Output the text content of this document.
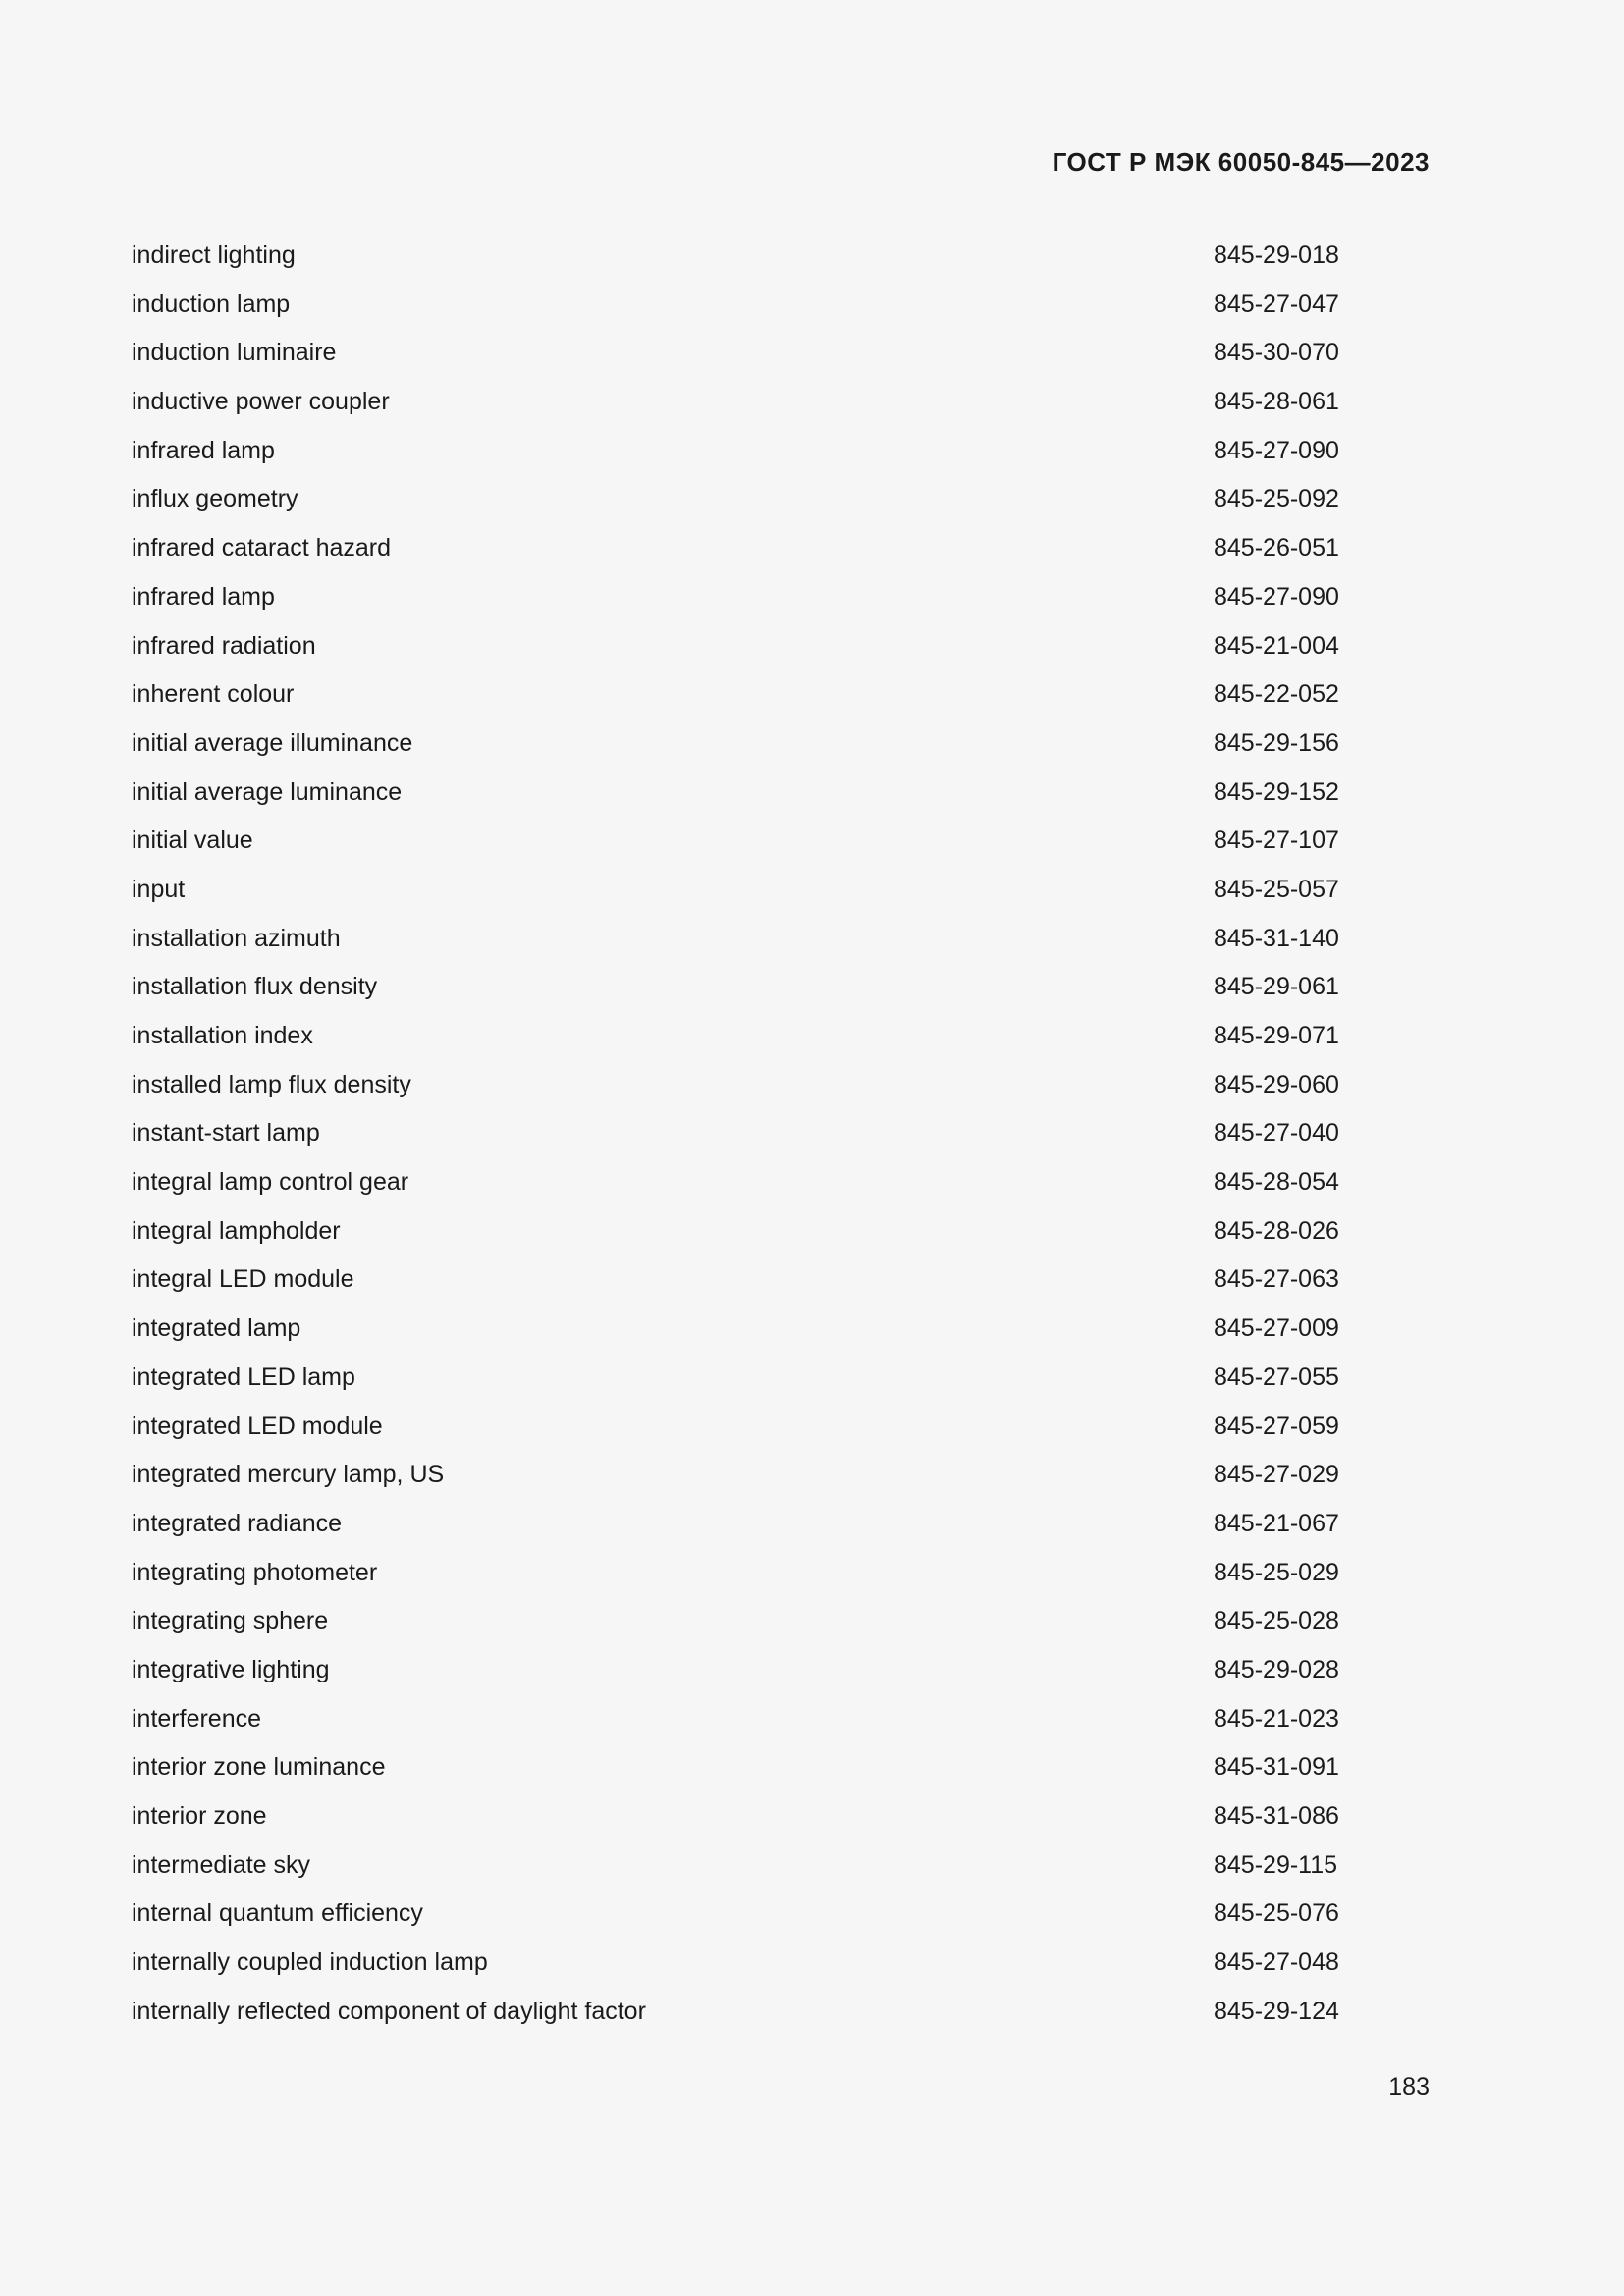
ГОСТ Р МЭК 60050-845—2023
indirect lighting	845-29-018
induction lamp	845-27-047
induction luminaire	845-30-070
inductive power coupler	845-28-061
infrared lamp	845-27-090
influx geometry	845-25-092
infrared cataract hazard	845-26-051
infrared lamp	845-27-090
infrared radiation	845-21-004
inherent colour	845-22-052
initial average illuminance	845-29-156
initial average luminance	845-29-152
initial value	845-27-107
input	845-25-057
installation azimuth	845-31-140
installation flux density	845-29-061
installation index	845-29-071
installed lamp flux density	845-29-060
instant-start lamp	845-27-040
integral lamp control gear	845-28-054
integral lampholder	845-28-026
integral LED module	845-27-063
integrated lamp	845-27-009
integrated LED lamp	845-27-055
integrated LED module	845-27-059
integrated mercury lamp, US	845-27-029
integrated radiance	845-21-067
integrating photometer	845-25-029
integrating sphere	845-25-028
integrative lighting	845-29-028
interference	845-21-023
interior zone luminance	845-31-091
interior zone	845-31-086
intermediate sky	845-29-115
internal quantum efficiency	845-25-076
internally coupled induction lamp	845-27-048
internally reflected component of daylight factor	845-29-124
183
